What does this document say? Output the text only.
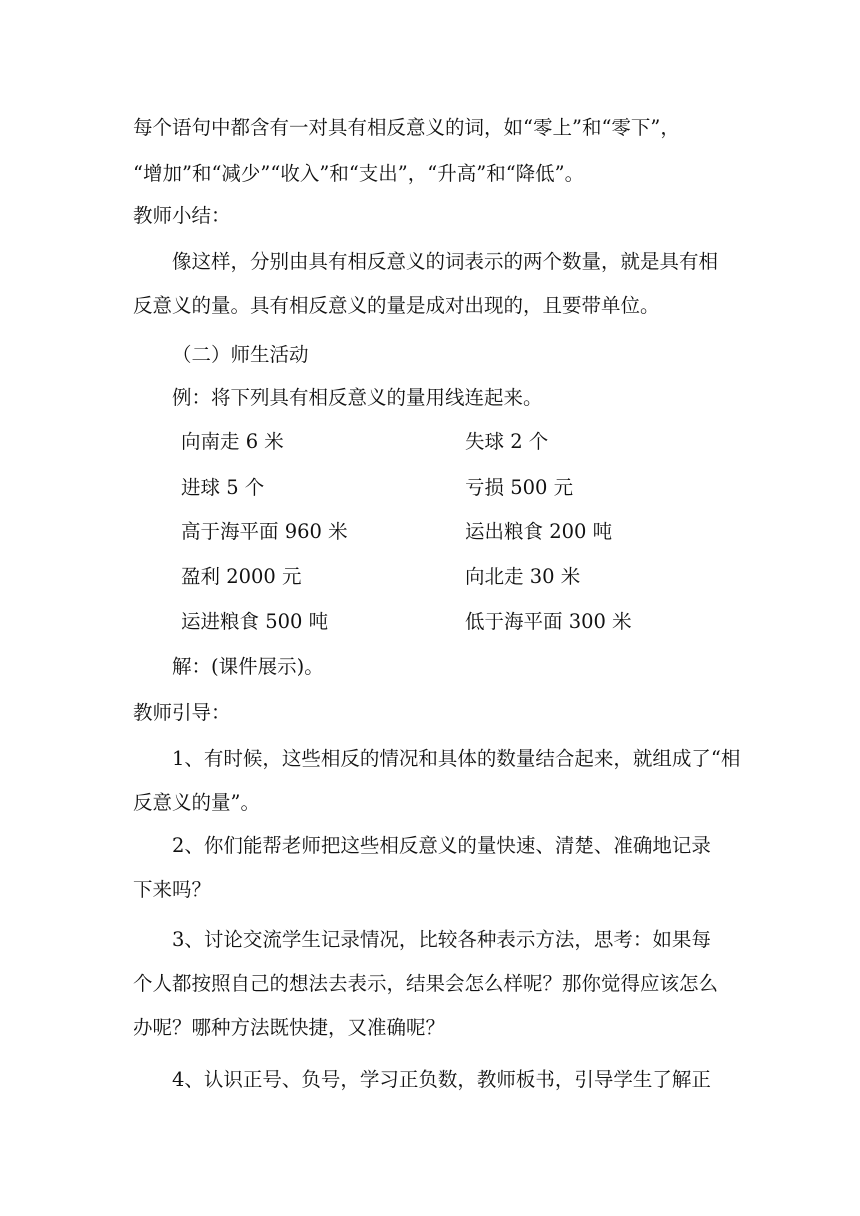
每个语句中都含有一对具有相反意义的词，如“零上”和“零下”，
“增加”和“减少”“收入”和“支出”，“升高”和“降低”。
教师小结：
像这样，分别由具有相反意义的词表示的两个数量，就是具有相
反意义的量。具有相反意义的量是成对出现的，且要带单位。
（二）师生活动
例：将下列具有相反意义的量用线连起来。
向南走 6 米	失球 2 个
进球 5 个	亏损 500 元
高于海平面 960 米	运出粮食 200 吨
盈利 2000 元	向北走 30 米
运进粮食 500 吨	低于海平面 300 米
解：(课件展示)。
教师引导：
1、有时候，这些相反的情况和具体的数量结合起来，就组成了“相
反意义的量”。
2、你们能帮老师把这些相反意义的量快速、清楚、准确地记录
下来吗？
3、讨论交流学生记录情况，比较各种表示方法，思考：如果每
个人都按照自己的想法去表示，结果会怎么样呢？那你觉得应该怎么
办呢？哪种方法既快捷，又准确呢？
4、认识正号、负号，学习正负数，教师板书，引导学生了解正
